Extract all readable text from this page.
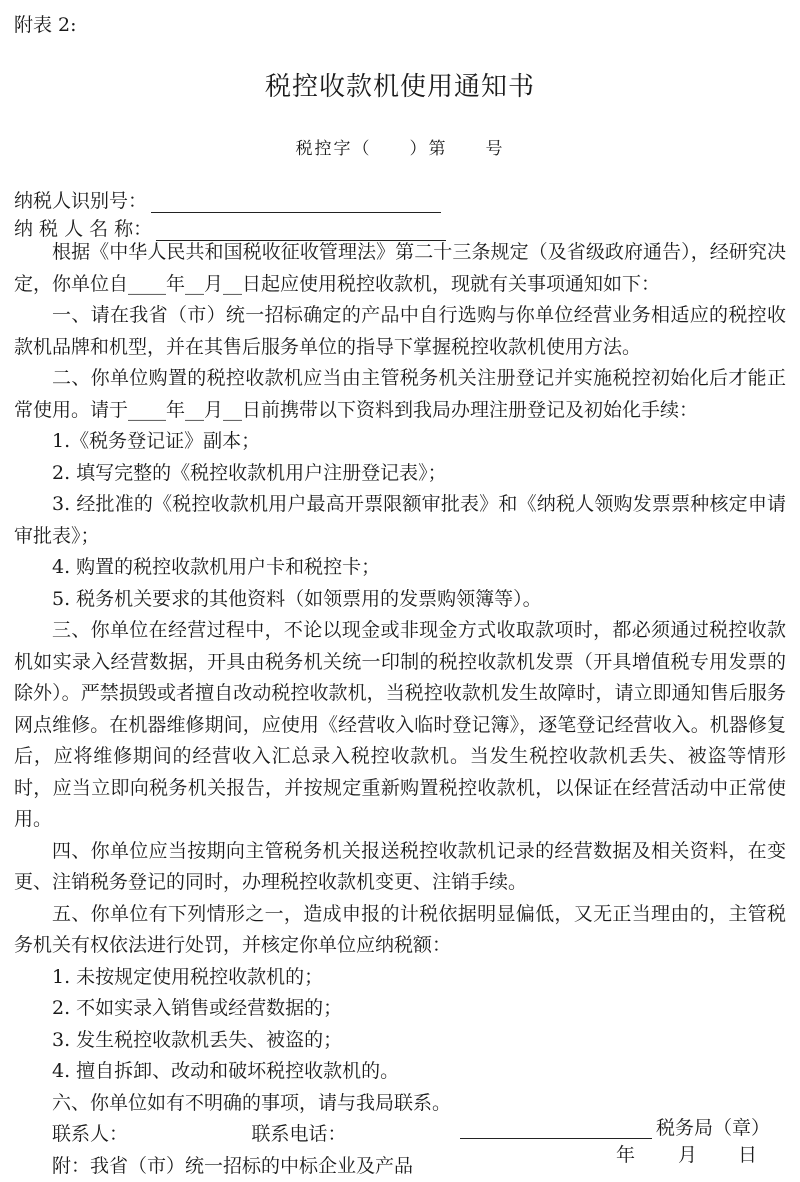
附表 2:
税控收款机使用通知书
税控字（　　）第　　号
纳税人识别号：
纳 税 人 名 称：

根据《中华人民共和国税收征收管理法》第二十三条规定（及省级政府通告），经研究决定，你单位自____年__月__日起应使用税控收款机，现就有关事项通知如下：

一、请在我省（市）统一招标确定的产品中自行选购与你单位经营业务相适应的税控收款机品牌和机型，并在其售后服务单位的指导下掌握税控收款机使用方法。

二、你单位购置的税控收款机应当由主管税务机关注册登记并实施税控初始化后才能正常使用。请于____年__月__日前携带以下资料到我局办理注册登记及初始化手续：

1.《税务登记证》副本；

2. 填写完整的《税控收款机用户注册登记表》；

3. 经批准的《税控收款机用户最高开票限额审批表》和《纳税人领购发票票种核定申请审批表》；

4. 购置的税控收款机用户卡和税控卡；

5. 税务机关要求的其他资料（如领票用的发票购领簿等）。

三、你单位在经营过程中，不论以现金或非现金方式收取款项时，都必须通过税控收款机如实录入经营数据，开具由税务机关统一印制的税控收款机发票（开具增值税专用发票的除外）。严禁损毁或者擅自改动税控收款机，当税控收款机发生故障时，请立即通知售后服务网点维修。在机器维修期间，应使用《经营收入临时登记簿》，逐笔登记经营收入。机器修复后，应将维修期间的经营收入汇总录入税控收款机。当发生税控收款机丢失、被盗等情形时，应当立即向税务机关报告，并按规定重新购置税控收款机，以保证在经营活动中正常使用。

四、你单位应当按期向主管税务机关报送税控收款机记录的经营数据及相关资料，在变更、注销税务登记的同时，办理税控收款机变更、注销手续。

五、你单位有下列情形之一，造成申报的计税依据明显偏低，又无正当理由的，主管税务机关有权依法进行处罚，并核定你单位应纳税额：

1. 未按规定使用税控收款机的；

2. 不如实录入销售或经营数据的；

3. 发生税控收款机丢失、被盗的；

4. 擅自拆卸、改动和破坏税控收款机的。

六、你单位如有不明确的事项，请与我局联系。

联系人：　　　　　　　联系电话：

附：我省（市）统一招标的中标企业及产品

税务局（章）
年 月 日
